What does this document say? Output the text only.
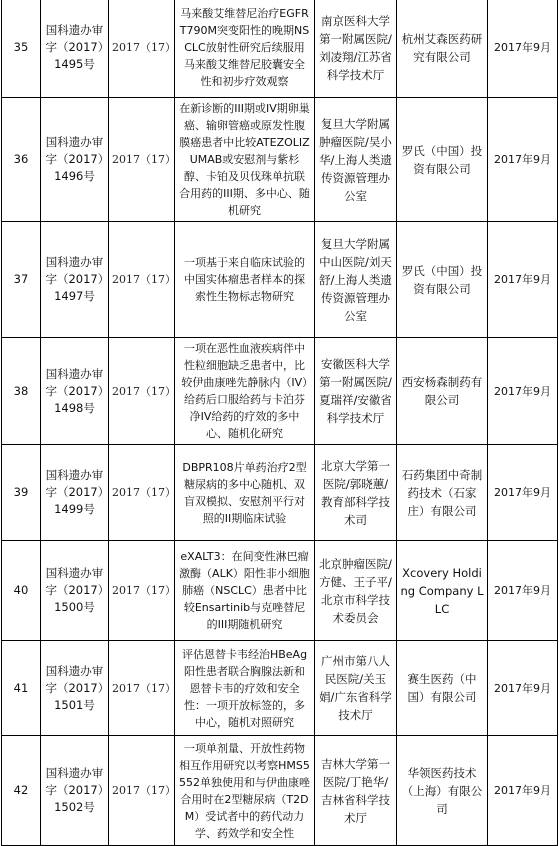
35	国科遗办审字（2017）1495号	2017（17）	马来酸艾维替尼治疗EGFR T790M突变阳性的晚期NSCLC放射性研究后续服用马来酸艾维替尼胶囊安全性和初步疗效观察	南京医科大学第一附属医院/刘凌翔/江苏省科学技术厅	杭州艾森医药研究有限公司	2017年9月
36	国科遗办审字（2017）1496号	2017（17）	在新诊断的III期或IV期卵巢癌、输卵管癌或原发性腹膜癌患者中比较ATEZOLIZUMAB或安慰剂与紫杉醇、卡铂及贝伐珠单抗联合用药的III期、多中心、随机研究	复旦大学附属肿瘤医院/吴小华/上海人类遗传资源管理办公室	罗氏（中国）投资有限公司	2017年9月
37	国科遗办审字（2017）1497号	2017（17）	一项基于来自临床试验的中国实体瘤患者样本的探索性生物标志物研究	复旦大学附属中山医院/刘天舒/上海人类遗传资源管理办公室	罗氏（中国）投资有限公司	2017年9月
38	国科遗办审字（2017）1498号	2017（17）	一项在恶性血液疾病伴中性粒细胞缺乏患者中，比较伊曲康唑先静脉内（IV）给药后口服给药与卡泊芬净IV给药的疗效的多中心、随机化研究	安徽医科大学第一附属医院/夏瑞祥/安徽省科学技术厅	西安杨森制药有限公司	2017年9月
39	国科遗办审字（2017）1499号	2017（17）	DBPR108片单药治疗2型糖尿病的多中心随机、双盲双模拟、安慰剂平行对照的II期临床试验	北京大学第一医院/郭晓蕙/教育部科学技术司	石药集团中奇制药技术（石家庄）有限公司	2017年9月
40	国科遗办审字（2017）1500号	2017（17）	eXALT3：在间变性淋巴瘤激酶（ALK）阳性非小细胞肺癌（NSCLC）患者中比较Ensartinib与克唑替尼的III期随机研究	北京肿瘤医院/方健、王子平/北京市科学技术委员会	Xcovery Holding Company LLC	2017年9月
41	国科遗办审字（2017）1501号	2017（17）	评估恩替卡韦经治HBeAg阳性患者联合胸腺法新和恩替卡韦的疗效和安全性：一项开放标签的，多中心，随机对照研究	广州市第八人民医院/关玉娟/广东省科学技术厅	赛生医药（中国）有限公司	2017年9月
42	国科遗办审字（2017）1502号	2017（17）	一项单剂量、开放性药物相互作用研究以考察HMS5552单独使用和与伊曲康唑合用时在2型糖尿病（T2DM）受试者中的药代动力学、药效学和安全性	吉林大学第一医院/丁艳华/吉林省科学技术厅	华领医药技术（上海）有限公司	2017年9月
